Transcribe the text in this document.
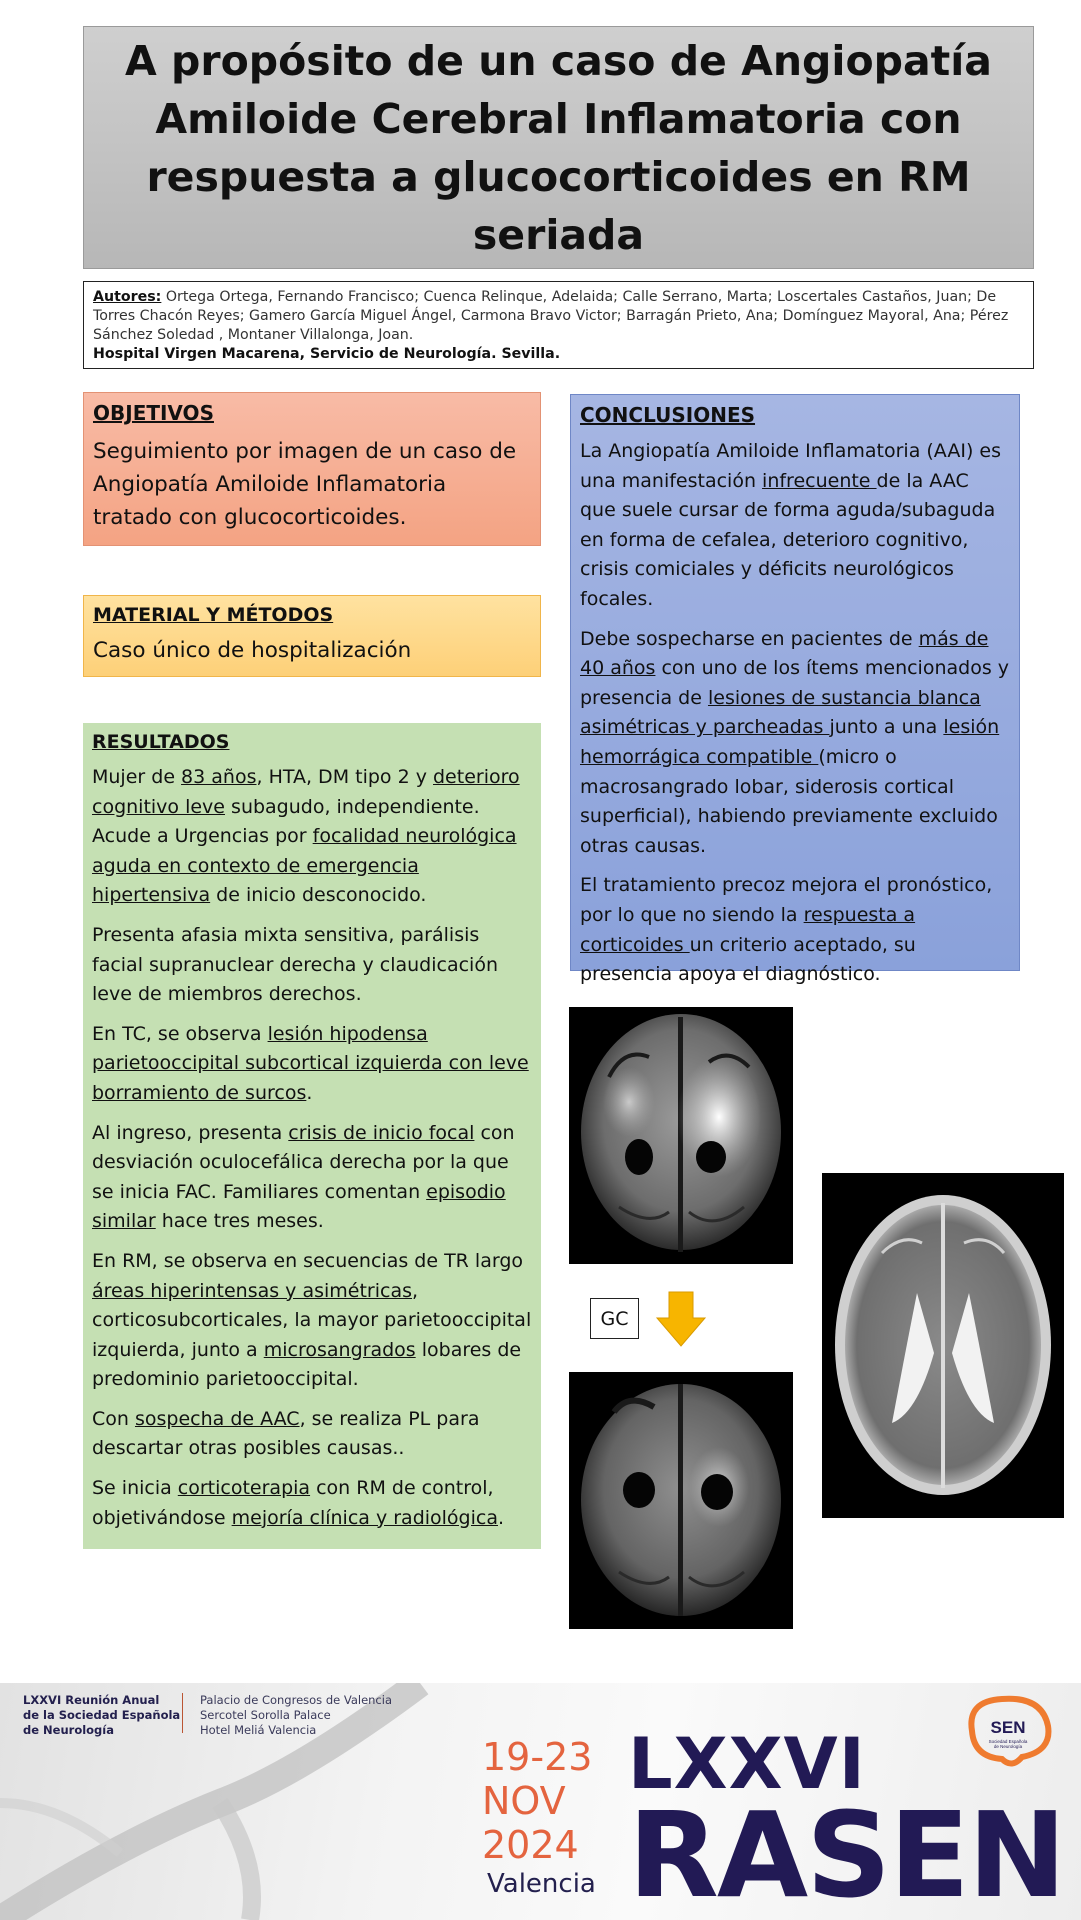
A propósito de un caso de Angiopatía Amiloide Cerebral Inflamatoria con respuesta a glucocorticoides en RM seriada
Autores: Ortega Ortega, Fernando Francisco; Cuenca Relinque, Adelaida; Calle Serrano, Marta; Loscertales Castaños, Juan; De Torres Chacón Reyes; Gamero García Miguel Ángel, Carmona Bravo Victor; Barragán Prieto, Ana; Domínguez Mayoral, Ana; Pérez Sánchez Soledad , Montaner Villalonga, Joan.
Hospital Virgen Macarena, Servicio de Neurología. Sevilla.
OBJETIVOS

Seguimiento por imagen de un caso de Angiopatía Amiloide Inflamatoria tratado con glucocorticoides.

MATERIAL Y MÉTODOS

Caso único de hospitalización

RESULTADOS

Mujer de 83 años, HTA, DM tipo 2 y deterioro cognitivo leve subagudo, independiente. Acude a Urgencias por focalidad neurológica aguda en contexto de emergencia hipertensiva de inicio desconocido.

Presenta afasia mixta sensitiva, parálisis facial supranuclear derecha y claudicación leve de miembros derechos.

En TC, se observa lesión hipodensa parietooccipital subcortical izquierda con leve borramiento de surcos.

Al ingreso, presenta crisis de inicio focal con desviación oculocefálica derecha por la que se inicia FAC. Familiares comentan episodio similar hace tres meses.

En RM, se observa en secuencias de TR largo áreas hiperintensas y asimétricas, corticosubcorticales, la mayor parietooccipital izquierda, junto a microsangrados lobares de predominio parietooccipital.

Con sospecha de AAC, se realiza PL para descartar otras posibles causas..

Se inicia corticoterapia con RM de control, objetivándose mejoría clínica y radiológica.

CONCLUSIONES

La Angiopatía Amiloide Inflamatoria (AAI) es una manifestación infrecuente de la AAC que suele cursar de forma aguda/subaguda en forma de cefalea, deterioro cognitivo, crisis comiciales y déficits neurológicos focales.

Debe sospecharse en pacientes de más de 40 años con uno de los ítems mencionados y presencia de lesiones de sustancia blanca asimétricas y parcheadas junto a una lesión hemorrágica compatible (micro o macrosangrado lobar, siderosis cortical superficial), habiendo previamente excluido otras causas.

El tratamiento precoz mejora el pronóstico, por lo que no siendo la respuesta a corticoides un criterio aceptado, su presencia apoya el diagnóstico.

GC
LXXVI Reunión Anual
de la Sociedad Española
de Neurología
Palacio de Congresos de Valencia
Sercotel Sorolla Palace
Hotel Meliá Valencia
19-23
NOV
2024
Valencia
LXXVI
RASEN
SEN
Sociedad Española
de Neurología
